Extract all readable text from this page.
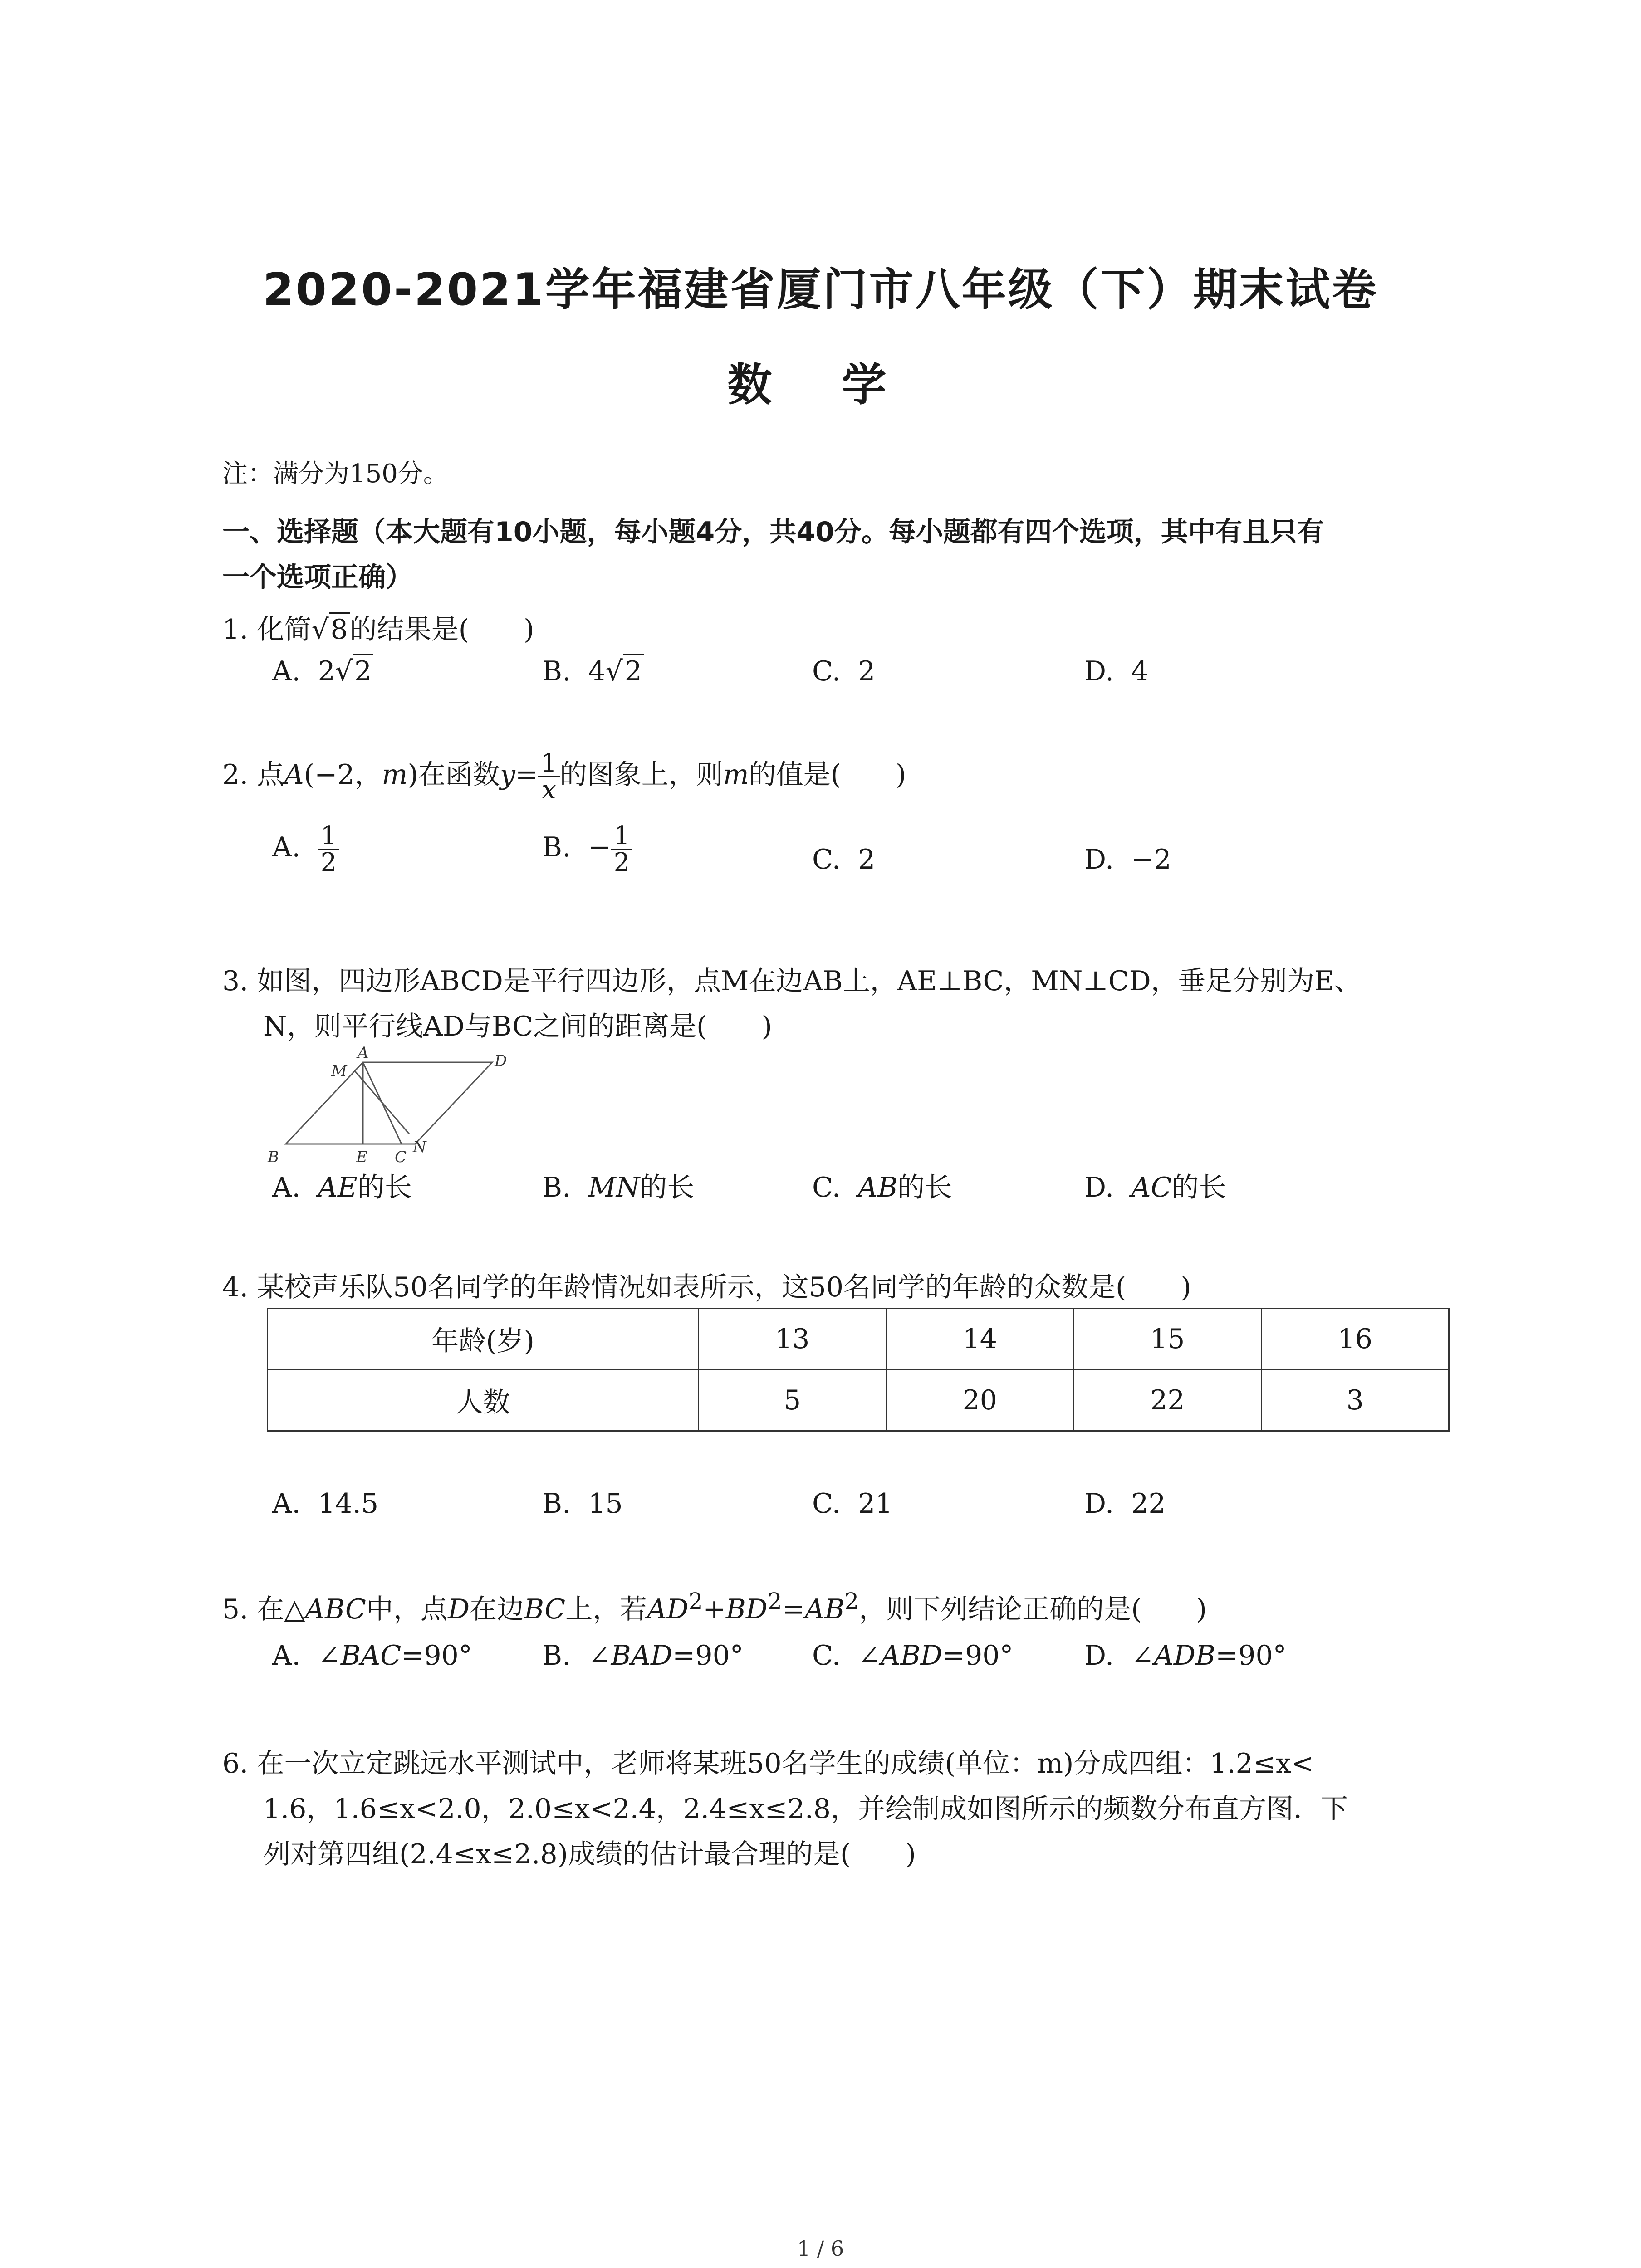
2020-2021学年福建省厦门市八年级（下）期末试卷
数 学
注：满分为150分。
一、选择题（本大题有10小题，每小题4分，共40分。每小题都有四个选项，其中有且只有
一个选项正确）
1. 化简√8的结果是(　　)
A. 2√2	B. 4√2	C. 2	D. 4
2. 点A(−2，m)在函数$y= \frac{1}{x}$ 的图象上，则m的值是(　　)
A. $\frac{1}{2}$	B. − $\frac{1}{2}$	C. 2	D. −2
3. 如图，四边形ABCD是平行四边形，点M在边AB上，AE⊥BC，MN⊥CD，垂足分别为E、
N，则平行线AD与BC之间的距离是(　　)
A	D
M
B	E C
N
A. AE的长	B. MN的长	C. AB的长	D. AC的长
4. 某校声乐队50名同学的年龄情况如表所示，这50名同学的年龄的众数是(　　)
年龄(岁)	13	14	15	16
人数	5	20	22	3
A. 14.5	B. 15	C. 21	D. 22
5. 在△ABC中，点D在边BC上，若$AD^2+BD^2=AB^2$，则下列结论正确的是(　　)
A. ∠BAC=90°	B. ∠BAD=90°	C. ∠ABD=90°	D. ∠ADB=90°
6. 在一次立定跳远水平测试中，老师将某班50名学生的成绩(单位：m)分成四组：1.2≤x<
1.6，1.6≤x<2.0，2.0≤x<2.4，2.4≤x≤2.8，并绘制成如图所示的频数分布直方图．下
列对第四组(2.4≤x≤2.8)成绩的估计最合理的是(　　)
1 / 6
